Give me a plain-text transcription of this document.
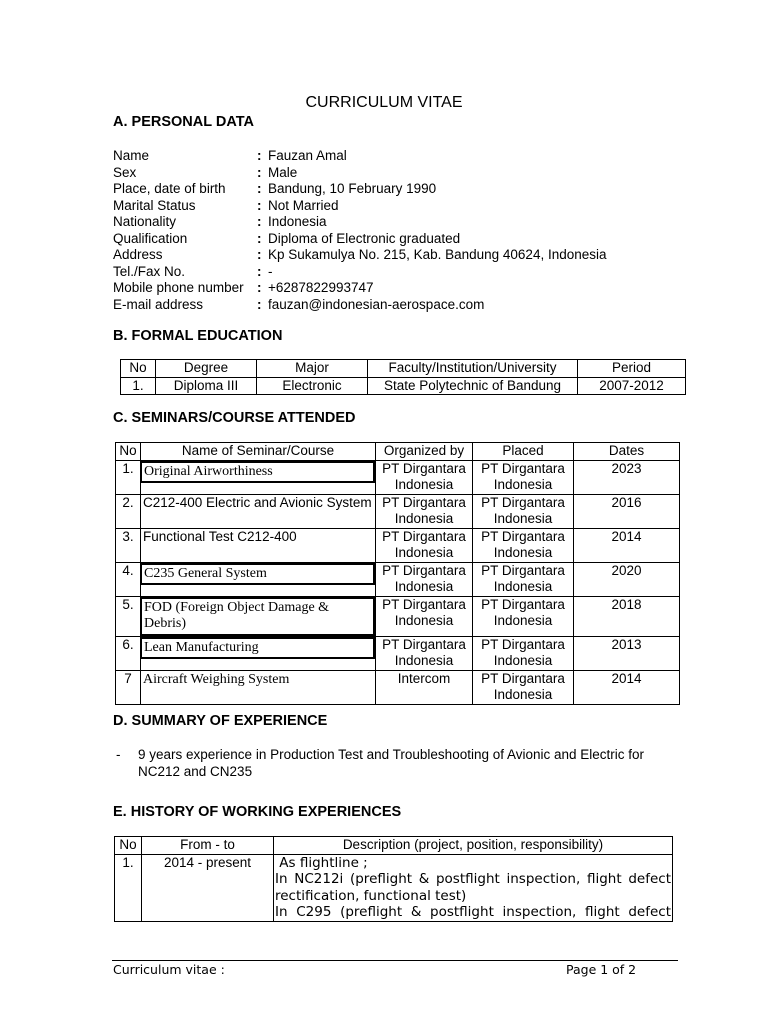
CURRICULUM VITAE
A. PERSONAL DATA
Name	: Fauzan Amal
Sex	: Male
Place, date of birth : Bandung, 10 February 1990
Marital Status	: Not Married
Nationality	: Indonesia
Qualification	: Diploma of Electronic graduated
Address	: Kp Sukamulya No. 215, Kab. Bandung 40624, Indonesia
Tel./Fax No.	: -
Mobile phone number : +6287822993747
E-mail address	: fauzan@indonesian-aerospace.com
B. FORMAL EDUCATION
No	Degree	Major	Faculty/Institution/University	Period
1.	Diploma III	Electronic	State Polytechnic of Bandung	2007-2012
C. SEMINARS/COURSE ATTENDED
No	Name of Seminar/Course	Organized by	Placed	Dates
1.	Original Airworthiness	PT Dirgantara Indonesia	PT Dirgantara Indonesia	2023
2.	C212-400 Electric and Avionic System	PT Dirgantara Indonesia	PT Dirgantara Indonesia	2016
3.	Functional Test C212-400	PT Dirgantara Indonesia	PT Dirgantara Indonesia	2014
4.	C235 General System	PT Dirgantara Indonesia	PT Dirgantara Indonesia	2020
5.	FOD (Foreign Object Damage & Debris)	PT Dirgantara Indonesia	PT Dirgantara Indonesia	2018
6.	Lean Manufacturing	PT Dirgantara Indonesia	PT Dirgantara Indonesia	2013
7	Aircraft Weighing System	Intercom	PT Dirgantara Indonesia	2014
D. SUMMARY OF EXPERIENCE
- 9 years experience in Production Test and Troubleshooting of Avionic and Electric for NC212 and CN235
E. HISTORY OF WORKING EXPERIENCES
No	From - to	Description (project, position, responsibility)
1.	2014 - present	As flightline ;
In NC212i (preflight & postflight inspection, flight defect rectification, functional test)
In C295 (preflight & postflight inspection, flight defect
Curriculum vitae :	Page 1 of 2
